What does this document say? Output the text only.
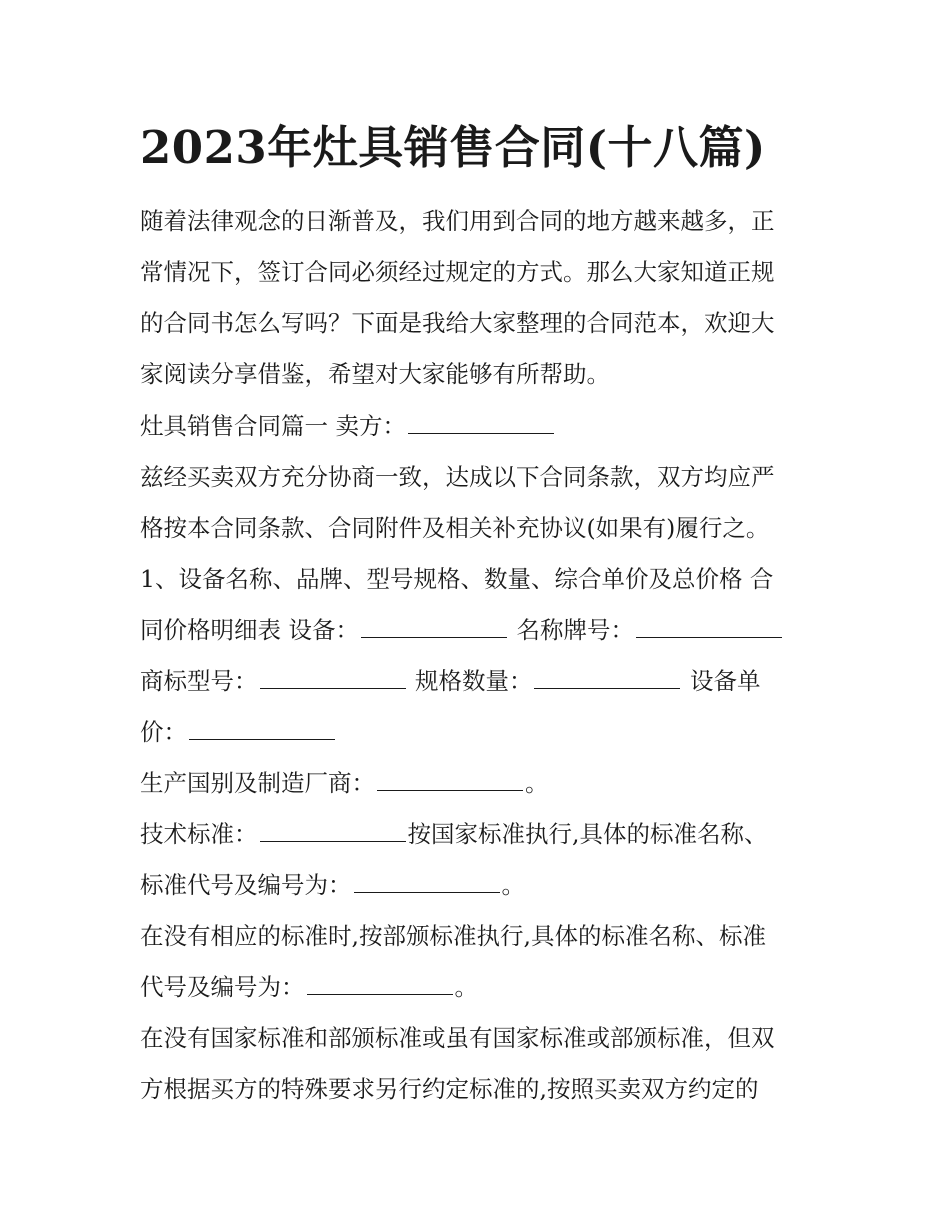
2023年灶具销售合同(十八篇)
随着法律观念的日渐普及，我们用到合同的地方越来越多，正
常情况下，签订合同必须经过规定的方式。那么大家知道正规
的合同书怎么写吗？下面是我给大家整理的合同范本，欢迎大
家阅读分享借鉴，希望对大家能够有所帮助。
灶具销售合同篇一 卖方：
兹经买卖双方充分协商一致，达成以下合同条款，双方均应严
格按本合同条款、合同附件及相关补充协议(如果有)履行之。
1、设备名称、品牌、型号规格、数量、综合单价及总价格 合
同价格明细表 设备：	名称牌号：
商标型号：	规格数量：	设备单
价：
生产国别及制造厂商：	。
技术标准：	按国家标准执行,具体的标准名称、
标准代号及编号为：	。
在没有相应的标准时,按部颁标准执行,具体的标准名称、标准
代号及编号为：	。
在没有国家标准和部颁标准或虽有国家标准或部颁标准，但双
方根据买方的特殊要求另行约定标准的,按照买卖双方约定的
